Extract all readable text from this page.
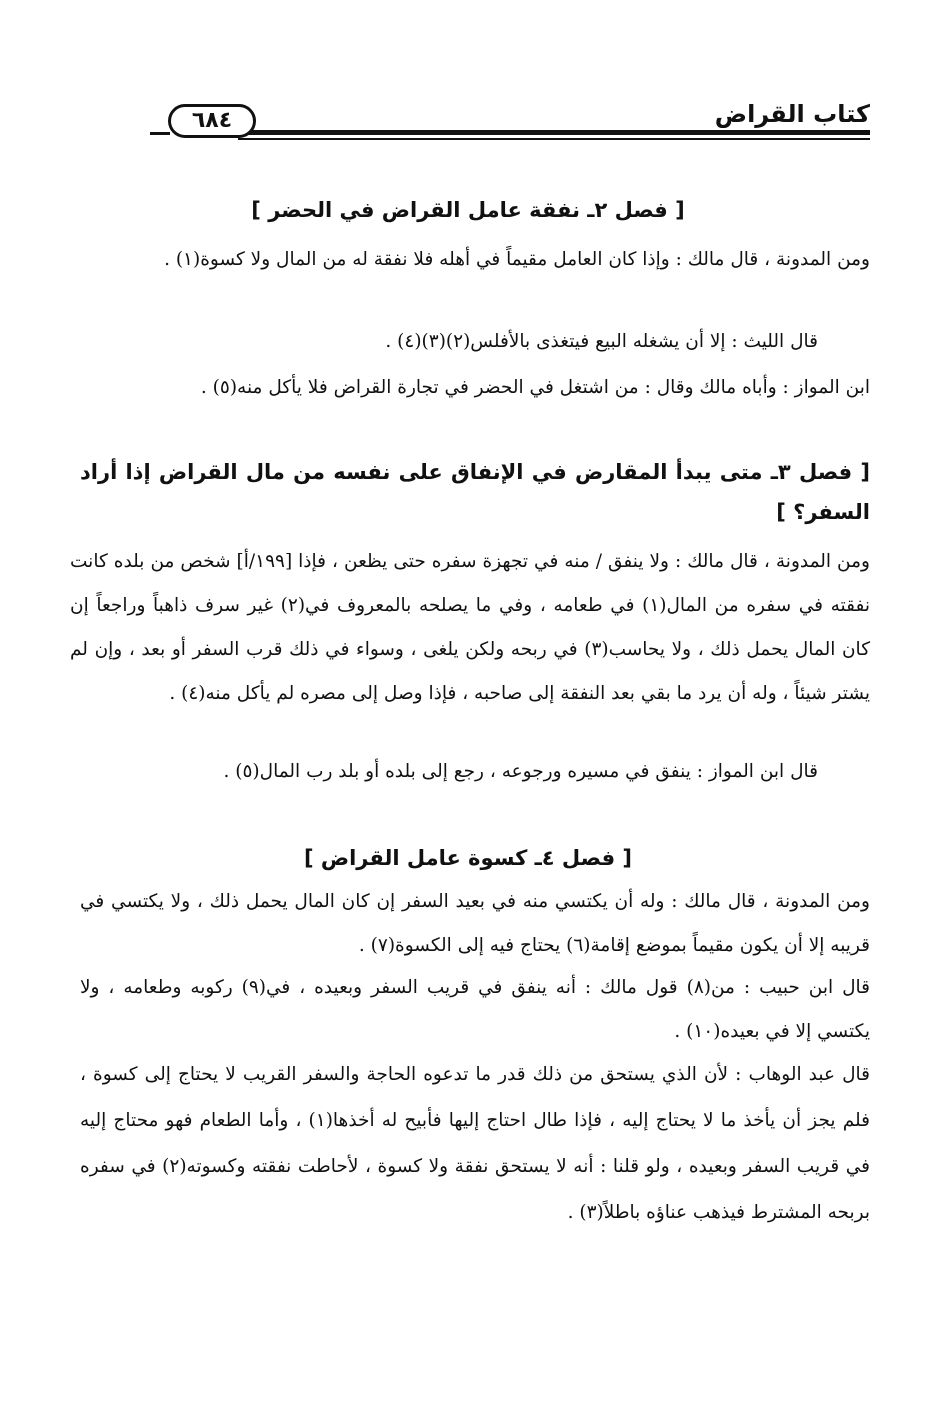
كتاب القراض
٦٨٤
[ فصل ٢ـ نفقة عامل القراض في الحضر ]
ومن المدونة ، قال مالك : وإذا كان العامل مقيماً في أهله فلا نفقة له من المال ولا كسوة(١) .
قال الليث : إلا أن يشغله البيع فيتغذى بالأفلس(٢)(٣)(٤) .
ابن المواز : وأباه مالك وقال : من اشتغل في الحضر في تجارة القراض فلا يأكل منه(٥) .
[ فصل ٣ـ متى يبدأ المقارض في الإنفاق على نفسه من مال القراض إذا أراد السفر؟ ]
ومن المدونة ، قال مالك : ولا ينفق / منه في تجهزة سفره حتى يظعن ، فإذا [١٩٩/أ] شخص من بلده كانت نفقته في سفره من المال(١) في طعامه ، وفي ما يصلحه بالمعروف في(٢) غير سرف ذاهباً وراجعاً إن كان المال يحمل ذلك ، ولا يحاسب(٣) في ربحه ولكن يلغى ، وسواء في ذلك قرب السفر أو بعد ، وإن لم يشتر شيئاً ، وله أن يرد ما بقي بعد النفقة إلى صاحبه ، فإذا وصل إلى مصره لم يأكل منه(٤) .
قال ابن المواز : ينفق في مسيره ورجوعه ، رجع إلى بلده أو بلد رب المال(٥) .
[ فصل ٤ـ كسوة عامل القراض ]
ومن المدونة ، قال مالك : وله أن يكتسي منه في بعيد السفر إن كان المال يحمل ذلك ، ولا يكتسي في قريبه إلا أن يكون مقيماً بموضع إقامة(٦) يحتاج فيه إلى الكسوة(٧) .
قال ابن حبيب : من(٨) قول مالك : أنه ينفق في قريب السفر وبعيده ، في(٩) ركوبه وطعامه ، ولا يكتسي إلا في بعيده(١٠) .
قال عبد الوهاب : لأن الذي يستحق من ذلك قدر ما تدعوه الحاجة والسفر القريب لا يحتاج إلى كسوة ، فلم يجز أن يأخذ ما لا يحتاج إليه ، فإذا طال احتاج إليها فأبيح له أخذها(١) ، وأما الطعام فهو محتاج إليه في قريب السفر وبعيده ، ولو قلنا : أنه لا يستحق نفقة ولا كسوة ، لأحاطت نفقته وكسوته(٢) في سفره بربحه المشترط فيذهب عناؤه باطلاً(٣) .
